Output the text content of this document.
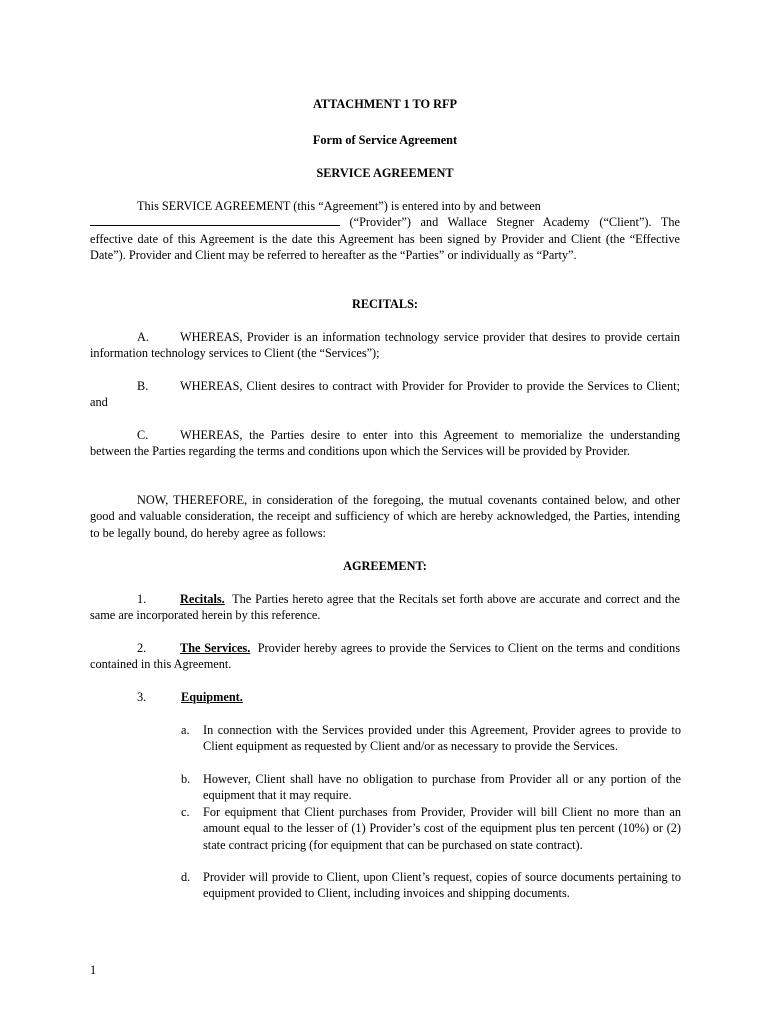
ATTACHMENT 1 TO RFP
Form of Service Agreement
SERVICE AGREEMENT

This SERVICE AGREEMENT (this “Agreement”) is entered into by and between
(“Provider”) and Wallace Stegner Academy (“Client”). The effective date of this Agreement is the date this Agreement has been signed by Provider and Client (the “Effective Date”). Provider and Client may be referred to hereafter as the “Parties” or individually as “Party”.

RECITALS:

A.	WHEREAS, Provider is an information technology service provider that desires to provide certain information technology services to Client (the “Services”);

B.	WHEREAS, Client desires to contract with Provider for Provider to provide the Services to Client; and

C.	WHEREAS, the Parties desire to enter into this Agreement to memorialize the understanding between the Parties regarding the terms and conditions upon which the Services will be provided by Provider.

NOW, THEREFORE, in consideration of the foregoing, the mutual covenants contained below, and other good and valuable consideration, the receipt and sufficiency of which are hereby acknowledged, the Parties, intending to be legally bound, do hereby agree as follows:

AGREEMENT:

1.	Recitals.  The Parties hereto agree that the Recitals set forth above are accurate and correct and the same are incorporated herein by this reference.

2.	The Services.  Provider hereby agrees to provide the Services to Client on the terms and conditions contained in this Agreement.

3.	Equipment.
a.	In connection with the Services provided under this Agreement, Provider agrees to provide to Client equipment as requested by Client and/or as necessary to provide the Services.
b.	However, Client shall have no obligation to purchase from Provider all or any portion of the equipment that it may require.
c.	For equipment that Client purchases from Provider, Provider will bill Client no more than an amount equal to the lesser of (1) Provider’s cost of the equipment plus ten percent (10%) or (2) state contract pricing (for equipment that can be purchased on state contract).
d.	Provider will provide to Client, upon Client’s request, copies of source documents pertaining to equipment provided to Client, including invoices and shipping documents.
1
